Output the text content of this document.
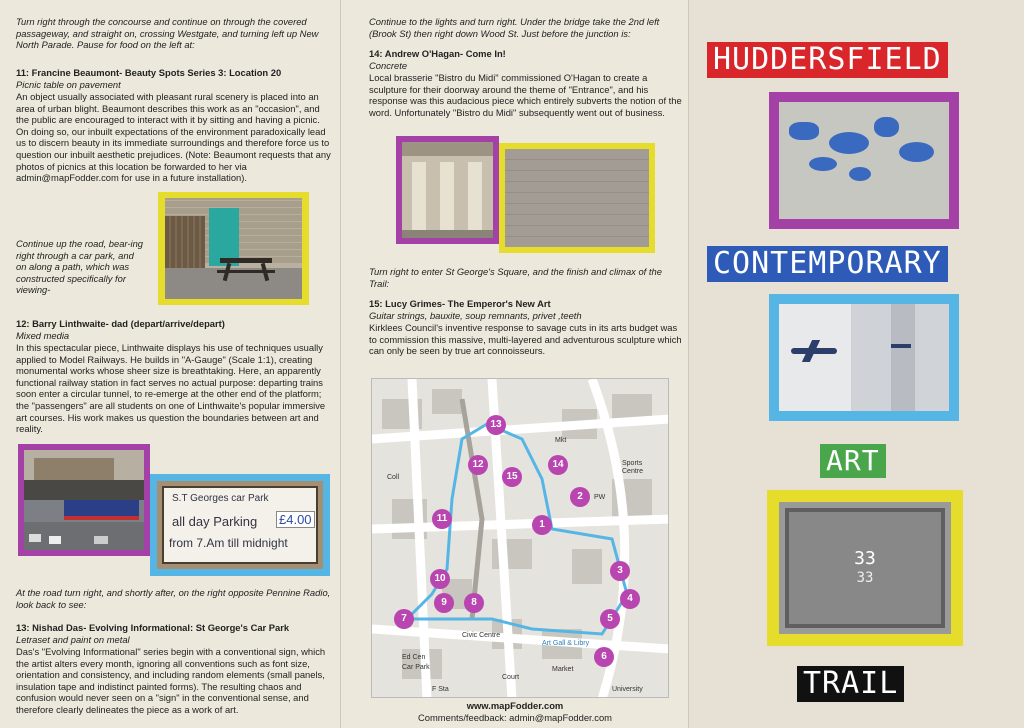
Turn right through the concourse and continue on through the covered passageway, and straight on, crossing Westgate, and turning left up New North Parade. Pause for food on the left at:
11: Francine Beaumont- Beauty Spots Series 3: Location 20
Picnic table on pavement
An object usually associated with pleasant rural scenery is placed into an area of urban blight. Beaumont describes this work as an "occasion", and the public are encouraged to interact with it by sitting and having a picnic. On doing so, our inbuilt expectations of the environment paradoxically lead us to discern beauty in its immediate surroundings and therefore force us to question our inbuilt aesthetic prejudices. (Note: Beaumont requests that any photos of picnics at this location be forwarded to her via admin@mapFodder.com for use in a future installation).
Continue up the road, bear-ing right through a car park, and on along a path, which was constructed specifically for viewing-
12: Barry Linthwaite- dad (depart/arrive/depart)
Mixed media
In this spectacular piece, Linthwaite displays his use of techniques usually applied to Model Railways. He builds in "A-Gauge" (Scale 1:1), creating monumental works whose sheer size is breathtaking. Here, an apparently functional railway station in fact serves no actual purpose: departing trains soon enter a circular tunnel, to re-emerge at the other end of the platform; the "passengers" are all students on one of Linthwaite's popular immersive art courses. His work makes us question the boundaries between art and reality.
S.T Georges car Park
all day Parking £4.00
from 7.Am till midnight
At the road turn right, and shortly after, on the right opposite Pennine Radio, look back to see:
13: Nishad Das- Evolving Informational: St George's Car Park
Letraset and paint on metal
Das's "Evolving Informational" series begin with a conventional sign, which the artist alters every month, ignoring all conventions such as font size, orientation and consistency, and including random elements (small panels, insulation tape and indistinct painted forms). The resulting chaos and confusion would never seen on a "sign" in the conventional sense, and therefore clearly delineates the piece as a work of art.
Continue to the lights and turn right. Under the bridge take the 2nd left (Brook St) then right down Wood St. Just before the junction is:
14: Andrew O'Hagan- Come In!
Concrete
Local brasserie "Bistro du Midi" commissioned O'Hagan to create a sculpture for their doorway around the theme of "Entrance", and his response was this audacious piece which entirely subverts the notion of the word. Unfortunately "Bistro du Midi" subsequently went out of business.
Turn right to enter St George's Square, and the finish and climax of the Trail:
15: Lucy Grimes- The Emperor's New Art
Guitar strings, bauxite, soup remnants, privet ,teeth
Kirklees Council's inventive response to savage cuts in its arts budget was to commission this massive, multi-layered and adventurous sculpture which can only be seen by true art connoisseurs.
Coll
Mkt
PW
Sports
Centre
Civic Centre
Ed Cen
Car Park	Market
University
F Sta
Art Gall & Libry
Court
1
2
3
4
5
6
7
8
9
10
11
12
13
14
15
www.mapFodder.com
Comments/feedback: admin@mapFodder.com
HUDDERSFIELD
CONTEMPORARY
ART
33
33
TRAIL
